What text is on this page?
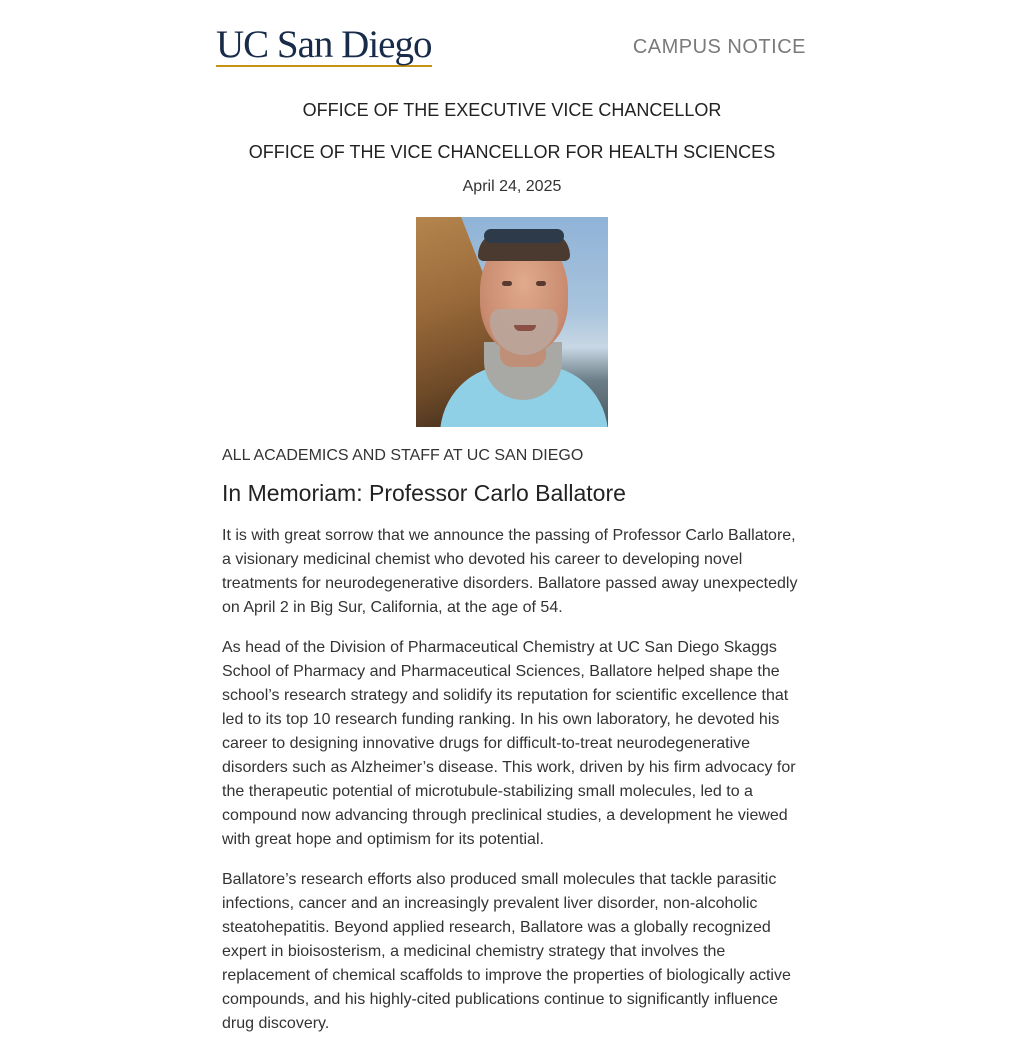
UC San Diego	CAMPUS NOTICE
OFFICE OF THE EXECUTIVE VICE CHANCELLOR
OFFICE OF THE VICE CHANCELLOR FOR HEALTH SCIENCES
April 24, 2025
ALL ACADEMICS AND STAFF AT UC SAN DIEGO
In Memoriam: Professor Carlo Ballatore

It is with great sorrow that we announce the passing of Professor Carlo Ballatore, a visionary medicinal chemist who devoted his career to developing novel treatments for neurodegenerative disorders. Ballatore passed away unexpectedly on April 2 in Big Sur, California, at the age of 54.

As head of the Division of Pharmaceutical Chemistry at UC San Diego Skaggs School of Pharmacy and Pharmaceutical Sciences, Ballatore helped shape the school’s research strategy and solidify its reputation for scientific excellence that led to its top 10 research funding ranking. In his own laboratory, he devoted his career to designing innovative drugs for difficult-to-treat neurodegenerative disorders such as Alzheimer’s disease. This work, driven by his firm advocacy for the therapeutic potential of microtubule-stabilizing small molecules, led to a compound now advancing through preclinical studies, a development he viewed with great hope and optimism for its potential.

Ballatore’s research efforts also produced small molecules that tackle parasitic infections, cancer and an increasingly prevalent liver disorder, non-alcoholic steatohepatitis. Beyond applied research, Ballatore was a globally recognized expert in bioisosterism, a medicinal chemistry strategy that involves the replacement of chemical scaffolds to improve the properties of biologically active compounds, and his highly-cited publications continue to significantly influence drug discovery.
